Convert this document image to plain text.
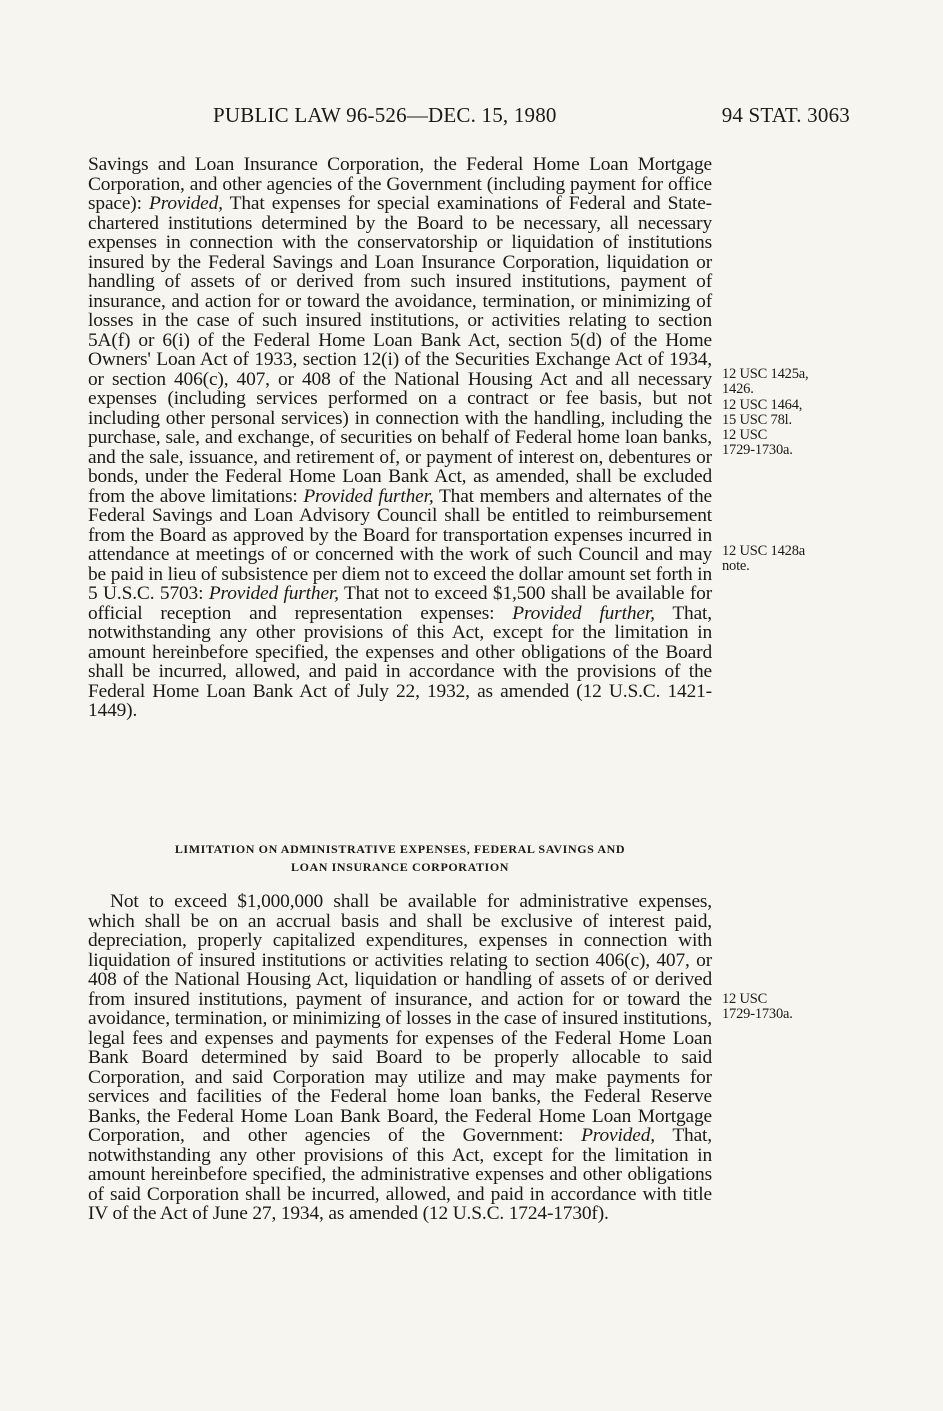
PUBLIC LAW 96-526—DEC. 15, 1980	94 STAT. 3063

Savings and Loan Insurance Corporation, the Federal Home Loan Mortgage Corporation, and other agencies of the Government (including payment for office space): Provided, That expenses for special examinations of Federal and State-chartered institutions determined by the Board to be necessary, all necessary expenses in connection with the conservatorship or liquidation of institutions insured by the Federal Savings and Loan Insurance Corporation, liquidation or handling of assets of or derived from such insured institutions, payment of insurance, and action for or toward the avoidance, termination, or minimizing of losses in the case of such insured institutions, or activities relating to section 5A(f) or 6(i) of the Federal Home Loan Bank Act, section 5(d) of the Home Owners' Loan Act of 1933, section 12(i) of the Securities Exchange Act of 1934, or section 406(c), 407, or 408 of the National Housing Act and all necessary expenses (including services performed on a contract or fee basis, but not including other personal services) in connection with the handling, including the purchase, sale, and exchange, of securities on behalf of Federal home loan banks, and the sale, issuance, and retirement of, or payment of interest on, debentures or bonds, under the Federal Home Loan Bank Act, as amended, shall be excluded from the above limitations: Provided further, That members and alternates of the Federal Savings and Loan Advisory Council shall be entitled to reimbursement from the Board as approved by the Board for transportation expenses incurred in attendance at meetings of or concerned with the work of such Council and may be paid in lieu of subsistence per diem not to exceed the dollar amount set forth in 5 U.S.C. 5703: Provided further, That not to exceed $1,500 shall be available for official reception and representation expenses: Provided further, That, notwithstanding any other provisions of this Act, except for the limitation in amount hereinbefore specified, the expenses and other obligations of the Board shall be incurred, allowed, and paid in accordance with the provisions of the Federal Home Loan Bank Act of July 22, 1932, as amended (12 U.S.C. 1421-1449).

12 USC 1425a,
1426.
12 USC 1464,
15 USC 78l.
12 USC
1729-1730a.
12 USC 1428a
note.
LIMITATION ON ADMINISTRATIVE EXPENSES, FEDERAL SAVINGS AND
LOAN INSURANCE CORPORATION

Not to exceed $1,000,000 shall be available for administrative expenses, which shall be on an accrual basis and shall be exclusive of interest paid, depreciation, properly capitalized expenditures, expenses in connection with liquidation of insured institutions or activities relating to section 406(c), 407, or 408 of the National Housing Act, liquidation or handling of assets of or derived from insured institutions, payment of insurance, and action for or toward the avoidance, termination, or minimizing of losses in the case of insured institutions, legal fees and expenses and payments for expenses of the Federal Home Loan Bank Board determined by said Board to be properly allocable to said Corporation, and said Corporation may utilize and may make payments for services and facilities of the Federal home loan banks, the Federal Reserve Banks, the Federal Home Loan Bank Board, the Federal Home Loan Mortgage Corporation, and other agencies of the Government: Provided, That, notwithstanding any other provisions of this Act, except for the limitation in amount hereinbefore specified, the administrative expenses and other obligations of said Corporation shall be incurred, allowed, and paid in accordance with title IV of the Act of June 27, 1934, as amended (12 U.S.C. 1724-1730f).

12 USC
1729-1730a.
